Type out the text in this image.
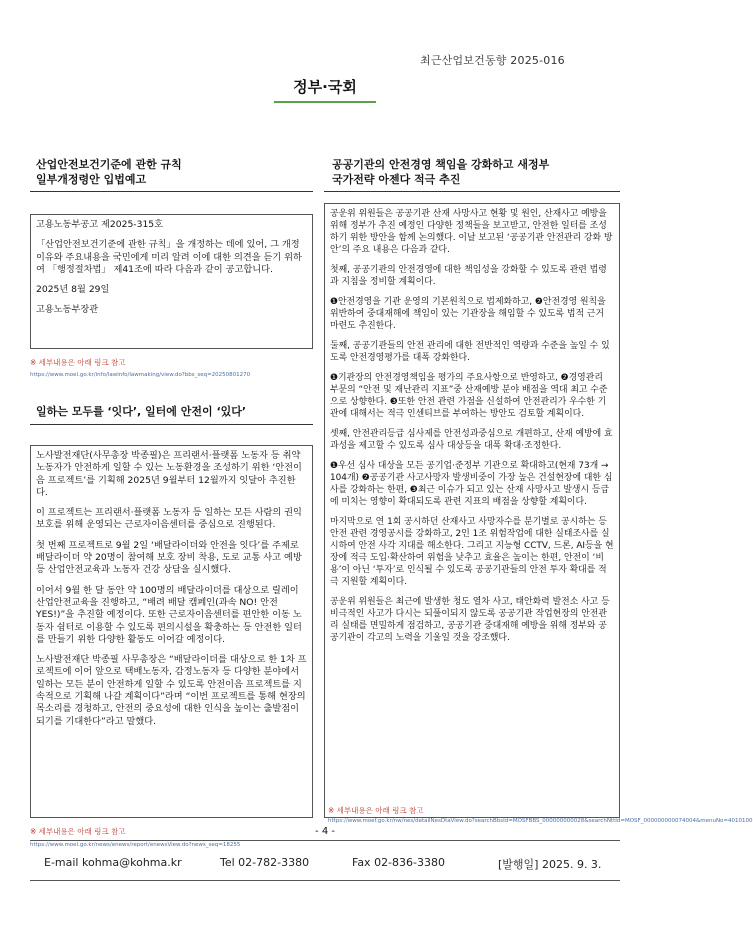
최근산업보건동향 2025-016
정부·국회
산업안전보건기준에 관한 규칙
일부개정령안 입법예고

고용노동부공고 제2025-315호

「산업안전보건기준에 관한 규칙」을 개정하는 데에 있어, 그 개정이유와 주요내용을 국민에게 미리 알려 이에 대한 의견을 듣기 위하여 「행정절차법」 제41조에 따라 다음과 같이 공고합니다.

2025년 8월 29일

고용노동부장관

※ 세부내용은 아래 링크 참고
https://www.moel.go.kr/info/lawinfo/lawmaking/view.do?bbs_seq=20250801270
일하는 모두를 ‘잇다’, 일터에 안전이 ‘있다’

노사발전재단(사무총장 박종필)은 프리랜서·플랫폼 노동자 등 취약 노동자가 안전하게 일할 수 있는 노동환경을 조성하기 위한 ‘안전이음 프로젝트’를 기획해 2025년 9월부터 12월까지 잇달아 추진한다.

이 프로젝트는 프리랜서·플랫폼 노동자 등 일하는 모든 사람의 권익 보호를 위해 운영되는 근로자이음센터를 중심으로 진행된다.

첫 번째 프로젝트로 9월 2일 ‘배달라이더와 안전을 잇다’를 주제로 배달라이더 약 20명이 참여해 보호 장비 착용, 도로 교통 사고 예방 등 산업안전교육과 노동자 건강 상담을 실시했다.

이어서 9월 한 달 동안 약 100명의 배달라이더를 대상으로 릴레이 산업안전교육을 진행하고, “배려 배달 캠페인(과속 NO! 안전 YES!)”을 추진할 예정이다. 또한 근로자이음센터를 편안한 이동 노동자 쉼터로 이용할 수 있도록 편의시설을 확충하는 등 안전한 일터를 만들기 위한 다양한 활동도 이어갈 예정이다.

노사발전재단 박종필 사무총장은 “배달라이더를 대상으로 한 1차 프로젝트에 이어 앞으로 택배노동자, 감정노동자 등 다양한 분야에서 일하는 모든 분이 안전하게 일할 수 있도록 안전이음 프로젝트를 지속적으로 기획해 나갈 계획이다”라며 “이번 프로젝트를 통해 현장의 목소리를 경청하고, 안전의 중요성에 대한 인식을 높이는 출발점이 되기를 기대한다”라고 말했다.

※ 세부내용은 아래 링크 참고
https://www.moel.go.kr/news/enews/report/enewsView.do?news_seq=18255
공공기관의 안전경영 책임을 강화하고 새정부
국가전략 아젠다 적극 추진

공운위 위원들은 공공기관 산재 사망사고 현황 및 원인, 산재사고 예방을 위해 정부가 추진 예정인 다양한 정책들을 보고받고, 안전한 일터를 조성하기 위한 방안을 함께 논의했다. 이날 보고된 ‘공공기관 안전관리 강화 방안’의 주요 내용은 다음과 같다.

첫째, 공공기관의 안전경영에 대한 책임성을 강화할 수 있도록 관련 법령과 지침을 정비할 계획이다.

❶안전경영을 기관 운영의 기본원칙으로 법제화하고, ❷안전경영 원칙을 위반하여 중대재해에 책임이 있는 기관장을 해임할 수 있도록 법적 근거 마련도 추진한다.

둘째, 공공기관들의 안전 관리에 대한 전반적인 역량과 수준을 높일 수 있도록 안전경영평가를 대폭 강화한다.

❶기관장의 안전경영책임을 평가의 주요사항으로 반영하고, ❷경영관리 부문의 “안전 및 재난관리 지표”중 산재예방 분야 배점을 역대 최고 수준으로 상향한다. ❸또한 안전 관련 가점을 신설하여 안전관리가 우수한 기관에 대해서는 적극 인센티브를 부여하는 방안도 검토할 계획이다.

셋째, 안전관리등급 심사제를 안전성과중심으로 개편하고, 산재 예방에 효과성을 제고할 수 있도록 심사 대상등을 대폭 확대·조정한다.

❶우선 심사 대상을 모든 공기업·준정부 기관으로 확대하고(현재 73개 → 104개) ❷공공기관 사고사망자 발생비중이 가장 높은 건설현장에 대한 심사를 강화하는 한편, ❸최근 이슈가 되고 있는 산재 사망사고 발생시 등급에 미치는 영향이 확대되도록 관련 지표의 배점을 상향할 계획이다.

마지막으로 연 1회 공시하던 산재사고 사망자수를 분기별로 공시하는 등 안전 관련 경영공시를 강화하고, 2인 1조 위험작업에 대한 실태조사를 실시하여 안전 사각 지대를 해소한다. 그리고 지능형 CCTV, 드론, AI등을 현장에 적극 도입·확산하여 위험을 낮추고 효율은 높이는 한편, 안전이 ‘비용’이 아닌 ‘투자’로 인식될 수 있도록 공공기관들의 안전 투자 확대를 적극 지원할 계획이다.

공운위 위원들은 최근에 발생한 청도 열차 사고, 태안화력 발전소 사고 등 비극적인 사고가 다시는 되풀이되지 않도록 공공기관 작업현장의 안전관리 실태를 면밀하게 점검하고, 공공기관 중대재해 예방을 위해 정부와 공공기관이 각고의 노력을 기울일 것을 강조했다.

※ 세부내용은 아래 링크 참고
https://www.moef.go.kr/nw/nes/detailNesDtaView.do?searchBbsId=MOSFBBS_000000000028&searchNttId=MOSF_000000000074004&menuNo=4010100
- 4 -
E-mail kohma@kohma.kr	Tel 02-782-3380	Fax 02-836-3380	[발행일] 2025. 9. 3.
